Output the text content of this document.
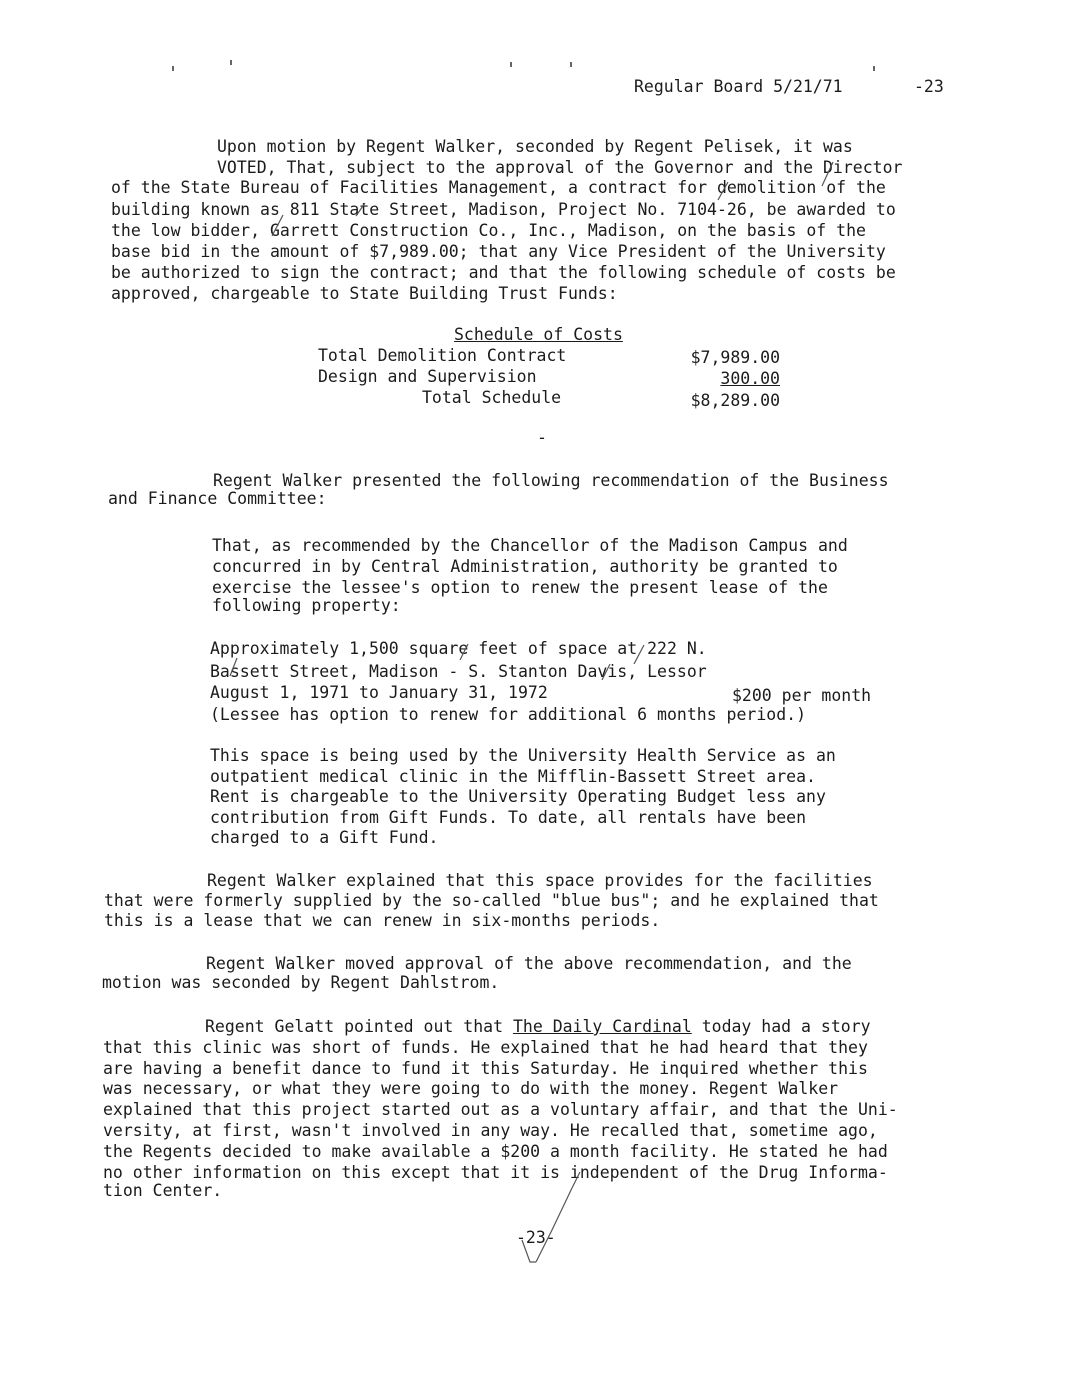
Regular Board 5/21/71	-23
Upon motion by Regent Walker, seconded by Regent Pelisek, it was
VOTED, That, subject to the approval of the Governor and the Director
of the State Bureau of Facilities Management, a contract for demolition of the
building known as 811 State Street, Madison, Project No. 7104-26, be awarded to
the low bidder, Garrett Construction Co., Inc., Madison, on the basis of the
base bid in the amount of $7,989.00; that any Vice President of the University
be authorized to sign the contract; and that the following schedule of costs be
approved, chargeable to State Building Trust Funds:
Schedule of Costs
Total Demolition Contract	$7,989.00
Design and Supervision	300.00
Total Schedule	$8,289.00
-
Regent Walker presented the following recommendation of the Business
and Finance Committee:
That, as recommended by the Chancellor of the Madison Campus and
concurred in by Central Administration, authority be granted to
exercise the lessee's option to renew the present lease of the
following property:
Approximately 1,500 square feet of space at 222 N.
Bassett Street, Madison - S. Stanton Davis, Lessor
August 1, 1971 to January 31, 1972	$200 per month
(Lessee has option to renew for additional 6 months period.)
This space is being used by the University Health Service as an
outpatient medical clinic in the Mifflin-Bassett Street area.
Rent is chargeable to the University Operating Budget less any
contribution from Gift Funds. To date, all rentals have been
charged to a Gift Fund.
Regent Walker explained that this space provides for the facilities
that were formerly supplied by the so-called "blue bus"; and he explained that
this is a lease that we can renew in six-months periods.
Regent Walker moved approval of the above recommendation, and the
motion was seconded by Regent Dahlstrom.
Regent Gelatt pointed out that The Daily Cardinal today had a story
that this clinic was short of funds. He explained that he had heard that they
are having a benefit dance to fund it this Saturday. He inquired whether this
was necessary, or what they were going to do with the money. Regent Walker
explained that this project started out as a voluntary affair, and that the Uni-
versity, at first, wasn't involved in any way. He recalled that, sometime ago,
the Regents decided to make available a $200 a month facility. He stated he had
no other information on this except that it is independent of the Drug Informa-
tion Center.
-23-
